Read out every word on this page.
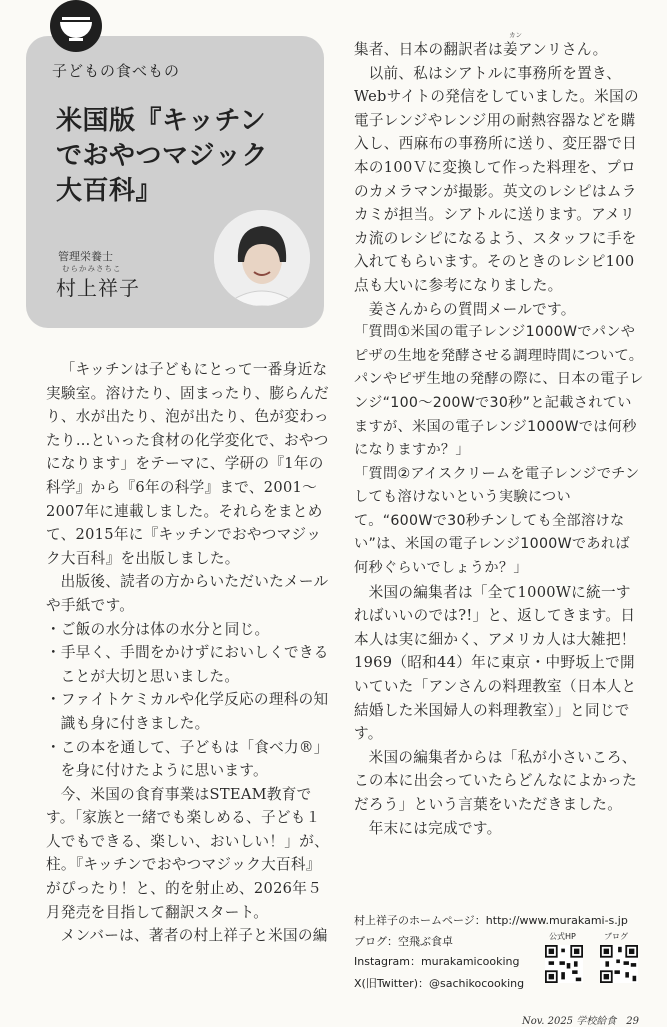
子どもの食べもの
米国版『キッチン
でおやつマジック
大百科』
管理栄養士
むらかみさちこ
村上祥子

「キッチンは子どもにとって一番身近な実験室。溶けたり、固まったり、膨らんだり、水が出たり、泡が出たり、色が変わったり…といった食材の化学変化で、おやつになります」をテーマに、学研の『1年の科学』から『6年の科学』まで、2001～2007年に連載しました。それらをまとめて、2015年に『キッチンでおやつマジック大百科』を出版しました。

出版後、読者の方からいただいたメールや手紙です。

・ご飯の水分は体の水分と同じ。

・手早く、手間をかけずにおいしくできることが大切と思いました。

・ファイトケミカルや化学反応の理科の知識も身に付きました。

・この本を通して、子どもは「食べ力®」を身に付けたように思います。

今、米国の食育事業はSTEAM教育です。「家族と一緒でも楽しめる、子ども１人でもできる、楽しい、おいしい！」が、柱。『キッチンでおやつマジック大百科』がぴったり！と、的を射止め、2026年５月発売を目指して翻訳スタート。

メンバーは、著者の村上祥子と米国の編

カン

集者、日本の翻訳者は姜アンリさん。

以前、私はシアトルに事務所を置き、Webサイトの発信をしていました。米国の電子レンジやレンジ用の耐熱容器などを購入し、西麻布の事務所に送り、変圧器で日本の100Ｖに変換して作った料理を、プロのカメラマンが撮影。英文のレシピはムラカミが担当。シアトルに送ります。アメリカ流のレシピになるよう、スタッフに手を入れてもらいます。そのときのレシピ100点も大いに参考になりました。

姜さんからの質問メールです。

「質問①米国の電子レンジ1000Wでパンやピザの生地を発酵させる調理時間について。パンやピザ生地の発酵の際に、日本の電子レンジ“100～200Wで30秒”と記載されていますが、米国の電子レンジ1000Wでは何秒になりますか？」

「質問②アイスクリームを電子レンジでチンしても溶けないという実験について。“600Wで30秒チンしても全部溶けない”は、米国の電子レンジ1000Wであれば何秒ぐらいでしょうか？」

米国の編集者は「全て1000Wに統一すればいいのでは?!」と、返してきます。日本人は実に細かく、アメリカ人は大雑把！1969（昭和44）年に東京・中野坂上で開いていた「アンさんの料理教室（日本人と結婚した米国婦人の料理教室）」と同じです。

米国の編集者からは「私が小さいころ、この本に出会っていたらどんなによかっただろう」という言葉をいただきました。

年末には完成です。

村上祥子のホームページ：http://www.murakami-s.jp
ブログ：空飛ぶ食卓
Instagram：murakamicooking
X(旧Twitter)：@sachikocooking
公式HP	ブログ
Nov. 2025 学校給食　29
